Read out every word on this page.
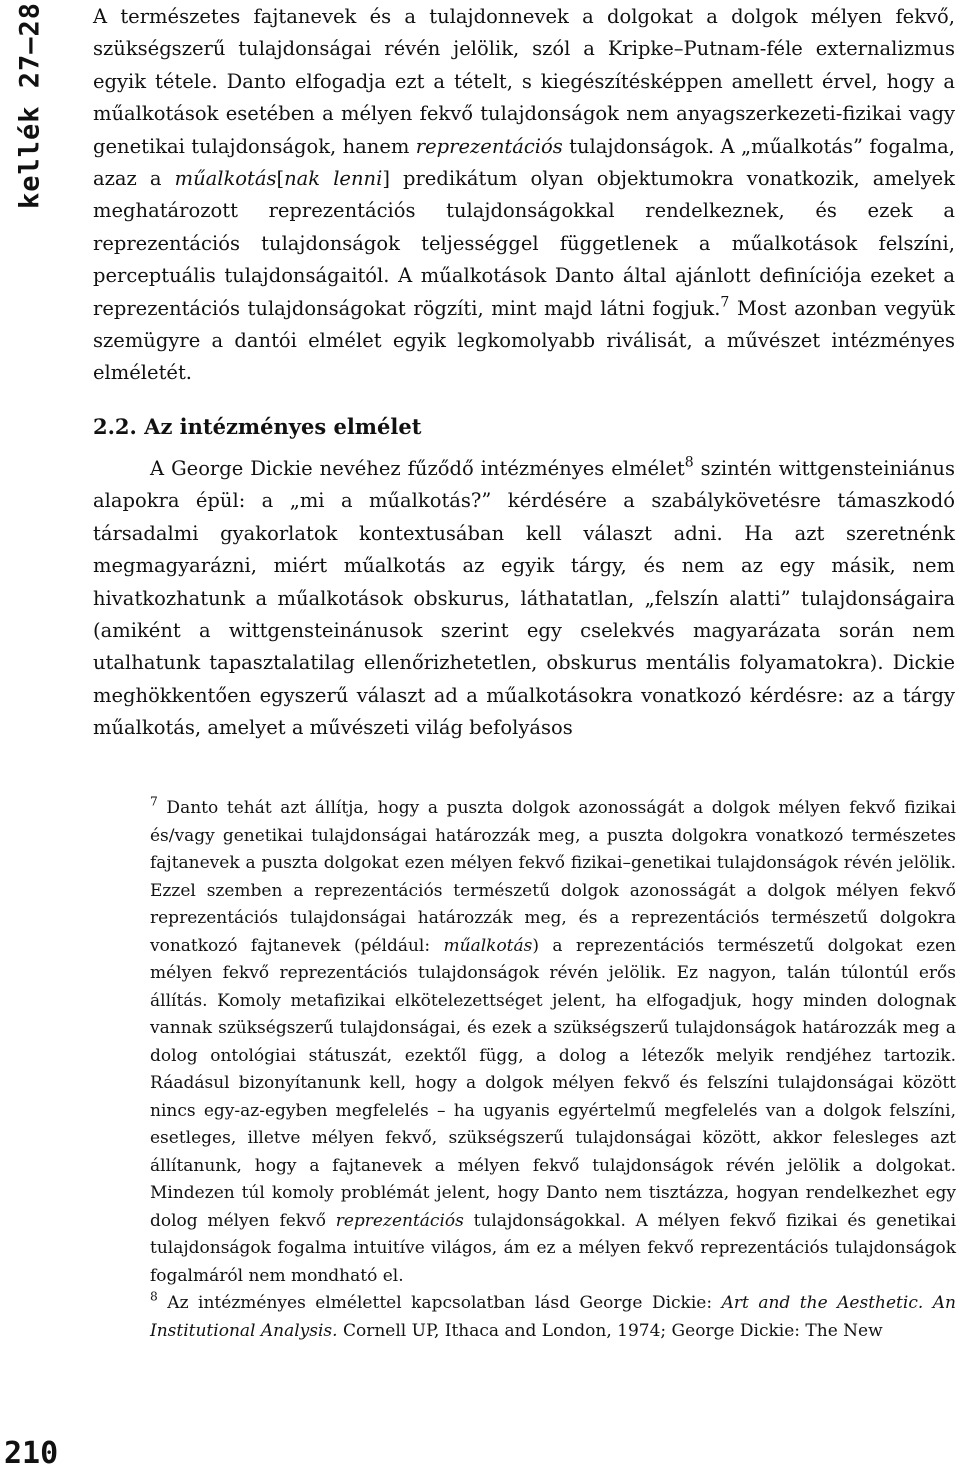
kellék 27–28	A természetes fajtanevek és a tulajdonnevek a dolgokat a dolgok mélyen fekvő, szükségszerű tulajdonságai révén jelölik, szól a Kripke–Putnam-féle externalizmus egyik tétele. Danto elfogadja ezt a tételt, s kiegészítésképpen amellett érvel, hogy a műalkotások esetében a mélyen fekvő tulajdonságok nem anyagszerkezeti-fizikai vagy genetikai tulajdonságok, hanem reprezentációs tulajdonságok. A „műalkotás” fogalma, azaz a műalkotás[nak lenni] predikátum olyan objektumokra vonatkozik, amelyek meghatározott reprezentációs tulajdonságokkal rendelkeznek, és ezek a reprezentációs tulajdonságok teljességgel függetlenek a műalkotások felszíni, perceptuális tulajdonságaitól. A műalkotások Danto által ajánlott definíciója ezeket a reprezentációs tulajdonságokat rögzíti, mint majd látni fogjuk.$^7$ Most azonban vegyük szemügyre a dantói elmélet egyik legkomolyabb riválisát, a művészet intézményes elméletét.

2.2. Az intézményes elmélet

A George Dickie nevéhez fűződő intézményes elmélet$^8$ szintén wittgensteiniánus alapokra épül: a „mi a műalkotás?” kérdésére a szabálykövetésre támaszkodó társadalmi gyakorlatok kontextusában kell választ adni. Ha azt szeretnénk megmagyarázni, miért műalkotás az egyik tárgy, és nem az egy másik, nem hivatkozhatunk a műalkotások obskurus, láthatatlan, „felszín alatti” tulajdonságaira (amiként a wittgensteinánusok szerint egy cselekvés magyarázata során nem utalhatunk tapasztalatilag ellenőrizhetetlen, obskurus mentális folyamatokra). Dickie meghökkentően egyszerű választ ad a műalkotásokra vonatkozó kérdésre: az a tárgy műalkotás, amelyet a művészeti világ befolyásos

$^7$ Danto tehát azt állítja, hogy a puszta dolgok azonosságát a dolgok mélyen fekvő fizikai és/vagy genetikai tulajdonságai határozzák meg, a puszta dolgokra vonatkozó természetes fajtanevek a puszta dolgokat ezen mélyen fekvő fizikai–genetikai tulajdonságok révén jelölik. Ezzel szemben a reprezentációs természetű dolgok azonosságát a dolgok mélyen fekvő reprezentációs tulajdonságai határozzák meg, és a reprezentációs természetű dolgokra vonatkozó fajtanevek (például: műalkotás) a reprezentációs természetű dolgokat ezen mélyen fekvő reprezentációs tulajdonságok révén jelölik. Ez nagyon, talán túlontúl erős állítás. Komoly metafizikai elkötelezettséget jelent, ha elfogadjuk, hogy minden dolognak vannak szükségszerű tulajdonságai, és ezek a szükségszerű tulajdonságok határozzák meg a dolog ontológiai státuszát, ezektől függ, a dolog a létezők melyik rendjéhez tartozik. Ráadásul bizonyítanunk kell, hogy a dolgok mélyen fekvő és felszíni tulajdonságai között nincs egy-az-egyben megfelelés – ha ugyanis egyértelmű megfelelés van a dolgok felszíni, esetleges, illetve mélyen fekvő, szükségszerű tulajdonságai között, akkor felesleges azt állítanunk, hogy a fajtanevek a mélyen fekvő tulajdonságok révén jelölik a dolgokat. Mindezen túl komoly problémát jelent, hogy Danto nem tisztázza, hogyan rendelkezhet egy dolog mélyen fekvő reprezentációs tulajdonságokkal. A mélyen fekvő fizikai és genetikai tulajdonságok fogalma intuitíve világos, ám ez a mélyen fekvő reprezentációs tulajdonságok fogalmáról nem mondható el.

$^8$ Az intézményes elmélettel kapcsolatban lásd George Dickie: Art and the Aesthetic. An Institutional Analysis. Cornell UP, Ithaca and London, 1974; George Dickie: The New

210
